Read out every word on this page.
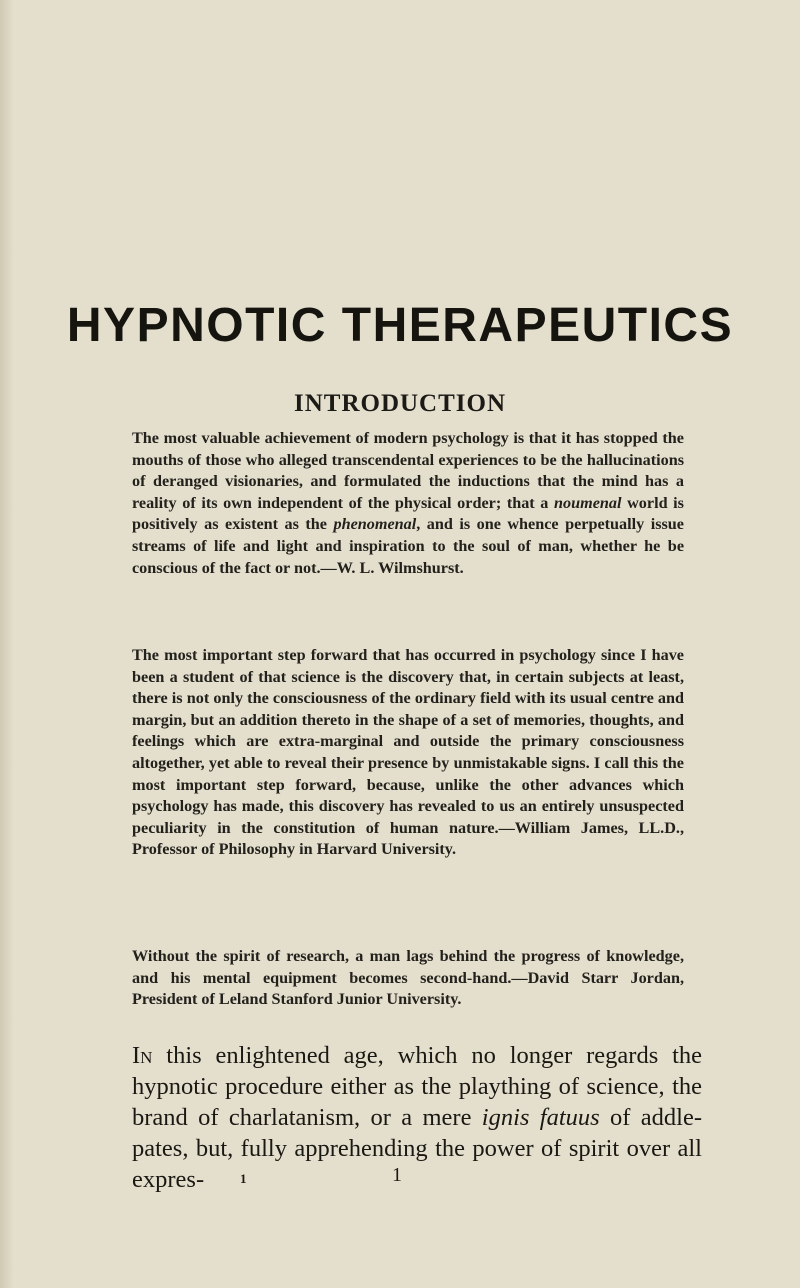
HYPNOTIC THERAPEUTICS
INTRODUCTION

The most valuable achievement of modern psychology is that it has stopped the mouths of those who alleged transcendental experiences to be the hallucinations of deranged visionaries, and formulated the inductions that the mind has a reality of its own independent of the physical order; that a noumenal world is positively as existent as the phenomenal, and is one whence perpetually issue streams of life and light and inspiration to the soul of man, whether he be conscious of the fact or not.—W. L. Wilmshurst.

The most important step forward that has occurred in psychology since I have been a student of that science is the discovery that, in certain subjects at least, there is not only the consciousness of the ordinary field with its usual centre and margin, but an addition thereto in the shape of a set of memories, thoughts, and feelings which are extra-marginal and outside the primary consciousness altogether, yet able to reveal their presence by unmistakable signs. I call this the most important step forward, because, unlike the other advances which psychology has made, this discovery has revealed to us an entirely unsuspected peculiarity in the constitution of human nature.—William James, LL.D., Professor of Philosophy in Harvard University.

Without the spirit of research, a man lags behind the progress of knowledge, and his mental equipment becomes second-hand.—David Starr Jordan, President of Leland Stanford Junior University.

In this enlightened age, which no longer regards the hypnotic procedure either as the plaything of science, the brand of charlatanism, or a mere ignis fatuus of addle-pates, but, fully apprehending the power of spirit over all expres-	1	1
